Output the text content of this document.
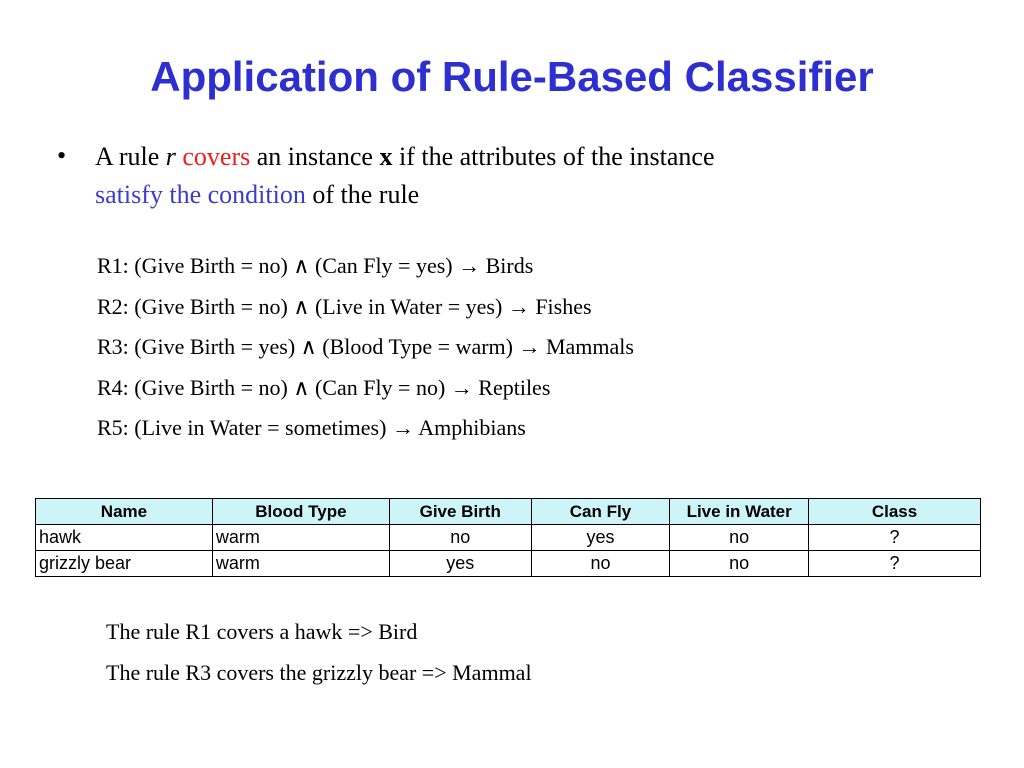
Application of Rule-Based Classifier
• A rule r covers an instance x if the attributes of the instance
satisfy the condition of the rule
R1: (Give Birth = no) ∧ (Can Fly = yes) → Birds
R2: (Give Birth = no) ∧ (Live in Water = yes) → Fishes
R3: (Give Birth = yes) ∧ (Blood Type = warm) → Mammals
R4: (Give Birth = no) ∧ (Can Fly = no) → Reptiles
R5: (Live in Water = sometimes) → Amphibians
Name	Blood Type	Give Birth	Can Fly	Live in Water	Class
hawk	warm	no	yes	no	?
grizzly bear	warm	yes	no	no	?
The rule R1 covers a hawk => Bird
The rule R3 covers the grizzly bear => Mammal
